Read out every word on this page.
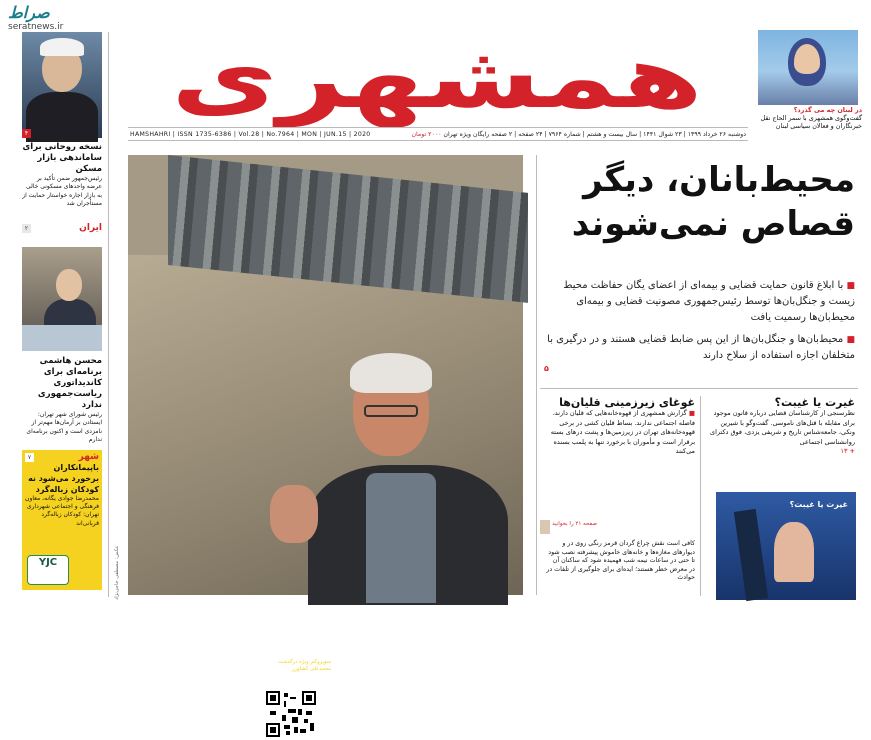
صراط
seratnews.ir
همشهری
HAMSHAHRI | ISSN 1735-6386 | Vol.28 | No.7964 | MON | JUN.15 | 2020	دوشنبه ۲۶ خرداد ۱۳۹۹ | ۲۳ شوال ۱۴۴۱ | سال بیست و هشتم | شماره ۷۹۶۴ | ۲۴ صفحه | ۲ صفحه رایگان ویژه تهران ۲۰۰۰ تومان
در لبنان چه می گذرد؟
گفت‌وگوی همشهری با سمر الحاج نقل خبرنگاران و فعالان سیاسی لبنان
۴
نسخه روحانی برای ساماندهی بازار مسکن
رئیس‌جمهور ضمن تأکید بر عرضه واحدهای مسکونی خالی به بازار اجاره خواستار حمایت از مستأجران شد
ایران
۲
محسن هاشمی برنامه‌ای برای کاندیداتوری ریاست‌جمهوری ندارد
رئیس شورای شهر تهران: ایستادن بر آرمان‌ها مهم‌تر از نامزدی است و اکنون برنامه‌ای ندارم
شهر
۷
باپیمانکاران برخورد می‌شود نه کودکان زباله‌گرد
محمدرضا جوادی یگانه، معاون فرهنگی و اجتماعی شهرداری تهران: کودکان زباله‌گرد قربانی‌اند
YJC
محمدعلی کشاورز درگذشت
یکی از نسل بی‌تکرار
بارکد زیر را اسکن کنید تا سوپروکتر ویژه درگذشت محمدعلی کشاورز را ببینید
عکس: مصطفی حاجی‌نژاد
محیط‌بانان، دیگر
قصاص نمی‌شوند

■ با ابلاغ قانون حمایت قضایی و بیمه‌ای از اعضای یگان حفاظت محیط زیست و جنگل‌بان‌ها توسط رئیس‌جمهوری مصونیت قضایی و بیمه‌ای محیط‌بان‌ها رسمیت یافت

■ محیط‌بان‌ها و جنگل‌بان‌ها از این پس ضابط قضایی هستند و در درگیری با متخلفان اجازه استفاده از سلاح دارند

۵
غوغای زیرزمینی قلیان‌ها
■ گزارش همشهری از قهوه‌خانه‌هایی که قلیان دارند، فاصله اجتماعی ندارند. بساط قلیان کشی در برخی قهوه‌خانه‌های تهران در زیرزمین‌ها و پشت درهای بسته برقرار است و مأموران با برخورد تنها به پلمب بسنده می‌کنند
غیرت یا غیبت؟
نظرسنجی از کارشناسان قضایی درباره قانون موجود برای مقابله با قتل‌های ناموسی. گفت‌وگو با شیرین ونکی، جامعه‌شناس تاریخ و شریفی یزدی، فوق دکترای روانشناسی اجتماعی
+ ۱۳
غیرت یا غیبت؟
صفحه ۲۱ را بخوانید
کافی است نقش چراغ گردان قرمز رنگی روی در و دیوارهای مغازه‌ها و خانه‌های خاموش پیشرفته نصب شود تا حتی در ساعات نیمه شب فهمیده شود که ساکنان آن در معرض خطر هستند؛ ایده‌ای برای جلوگیری از تلفات در حوادث
